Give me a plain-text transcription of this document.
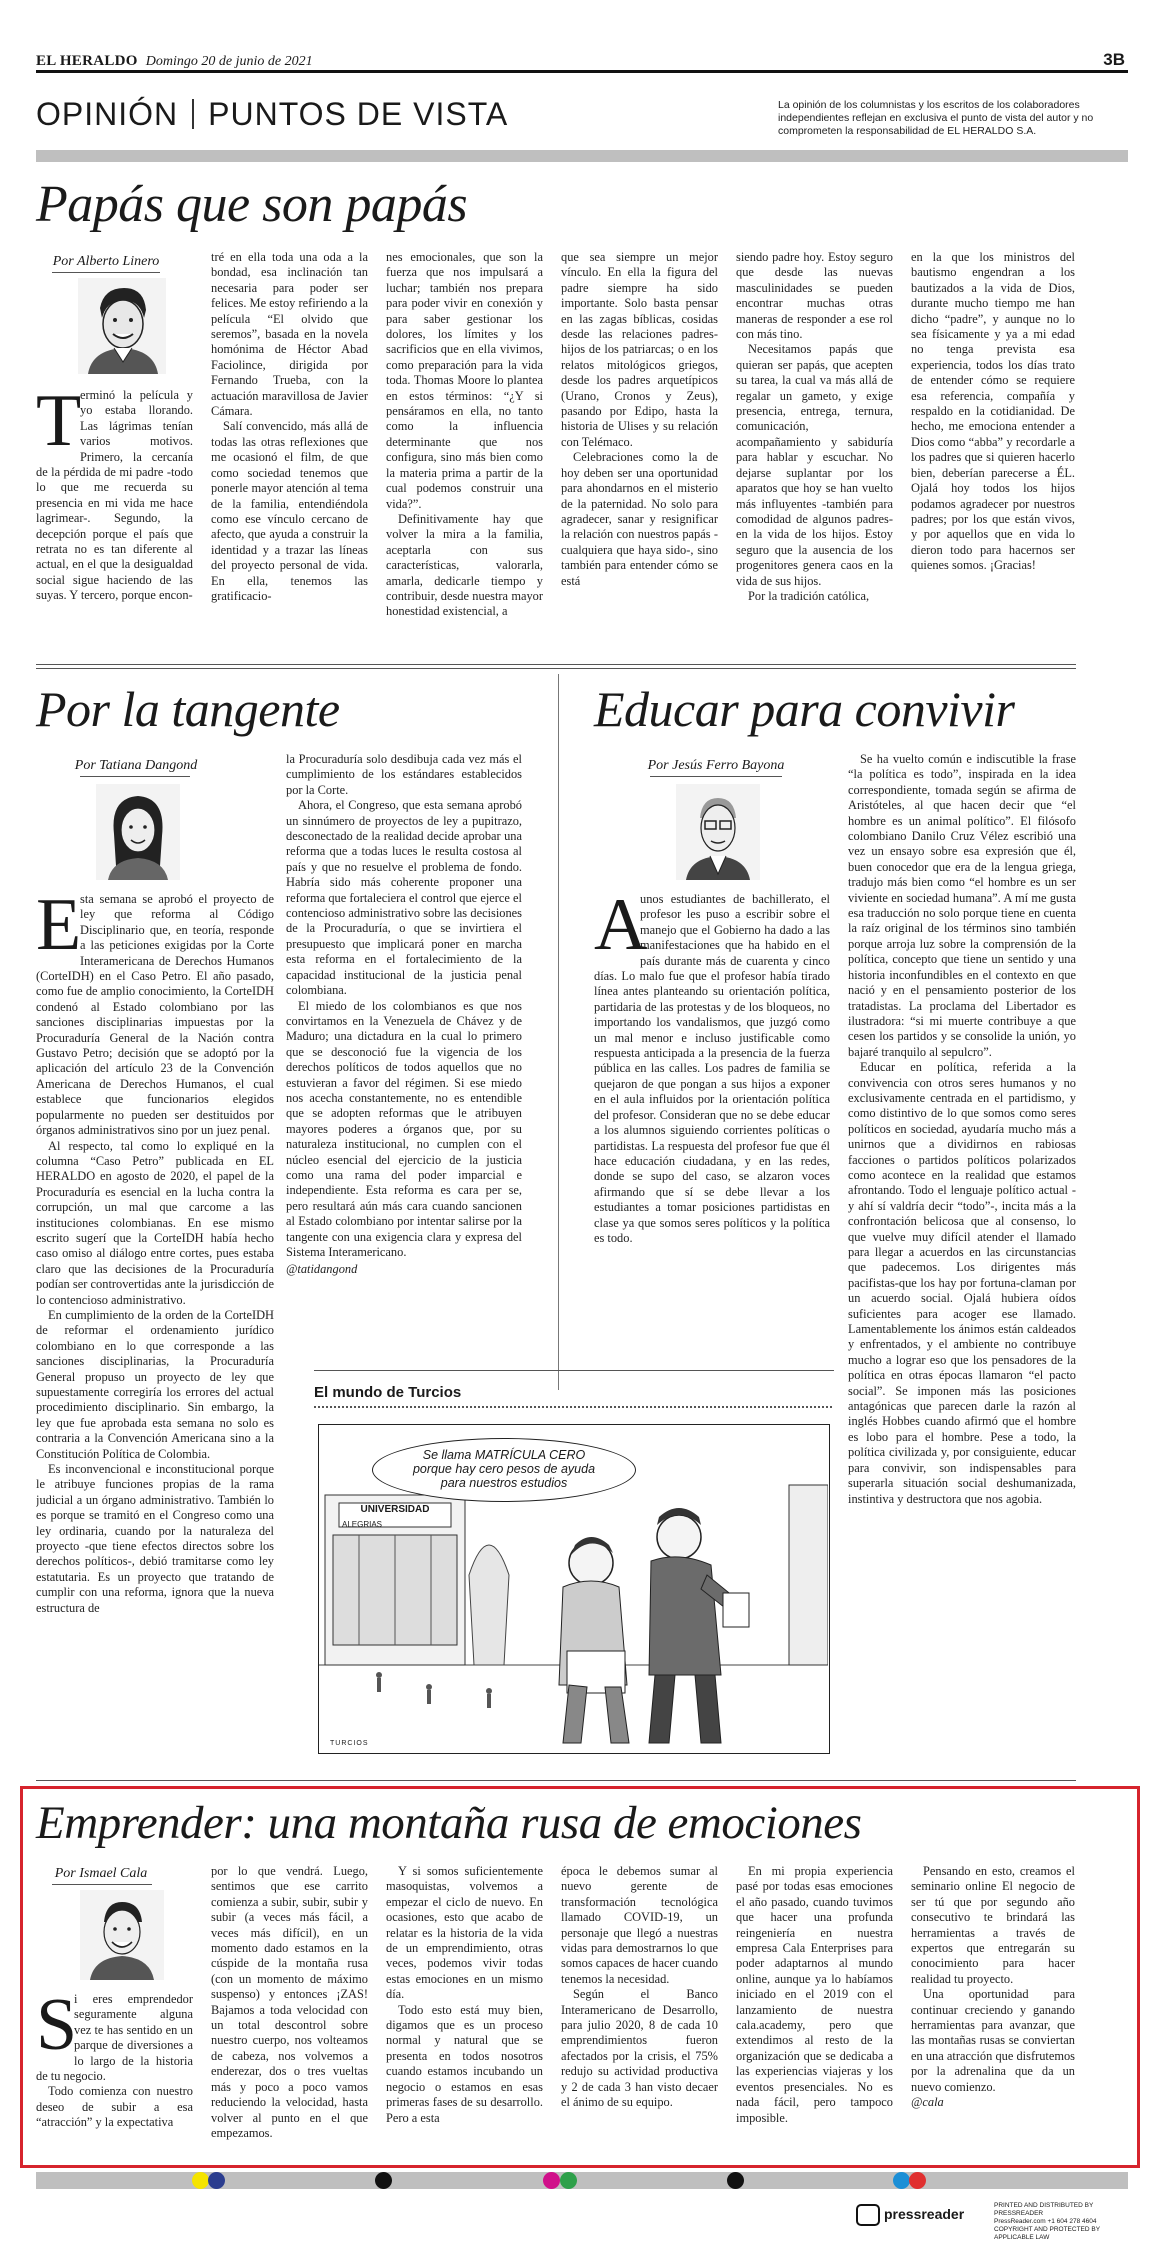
EL HERALDO Domingo 20 de junio de 2021	3B
OPINIÓN PUNTOS DE VISTA	La opinión de los columnistas y los escritos de los colaboradores independientes reflejan en exclusiva el punto de vista del autor y no comprometen la responsabilidad de EL HERALDO S.A.
Papás que son papás
Por Alberto Linero
T

erminó la película y yo estaba llorando. Las lágrimas tenían varios motivos. Primero, la cercanía de la pérdida de mi padre -todo lo que me recuerda su presencia en mi vida me hace lagrimear-. Segundo, la decepción porque el país que retrata no es tan diferente al actual, en el que la desigualdad social sigue haciendo de las suyas. Y tercero, porque encon-

tré en ella toda una oda a la bondad, esa inclinación tan necesaria para poder ser felices. Me estoy refiriendo a la película “El olvido que seremos”, basada en la novela homónima de Héctor Abad Faciolince, dirigida por Fernando Trueba, con la actuación maravillosa de Javier Cámara.

Salí convencido, más allá de todas las otras reflexiones que me ocasionó el film, de que como sociedad tenemos que ponerle mayor atención al tema de la familia, entendiéndola como ese vínculo cercano de afecto, que ayuda a construir la identidad y a trazar las líneas del proyecto personal de vida. En ella, tenemos las gratificacio-

nes emocionales, que son la fuerza que nos impulsará a luchar; también nos prepara para poder vivir en conexión y para saber gestionar los dolores, los límites y los sacrificios que en ella vivimos, como preparación para la vida toda. Thomas Moore lo plantea en estos términos: “¿Y si pensáramos en ella, no tanto como la influencia determinante que nos configura, sino más bien como la materia prima a partir de la cual podemos construir una vida?”.

Definitivamente hay que volver la mira a la familia, aceptarla con sus características, valorarla, amarla, dedicarle tiempo y contribuir, desde nuestra mayor honestidad existencial, a

que sea siempre un mejor vínculo. En ella la figura del padre siempre ha sido importante. Solo basta pensar en las zagas bíblicas, cosidas desde las relaciones padres-hijos de los patriarcas; o en los relatos mitológicos griegos, desde los padres arquetípicos (Urano, Cronos y Zeus), pasando por Edipo, hasta la historia de Ulises y su relación con Telémaco.

Celebraciones como la de hoy deben ser una oportunidad para ahondarnos en el misterio de la paternidad. No solo para agradecer, sanar y resignificar la relación con nuestros papás -cualquiera que haya sido-, sino también para entender cómo se está

siendo padre hoy. Estoy seguro que desde las nuevas masculinidades se pueden encontrar muchas otras maneras de responder a ese rol con más tino.

Necesitamos papás que quieran ser papás, que acepten su tarea, la cual va más allá de regalar un gameto, y exige presencia, entrega, ternura, comunicación, acompañamiento y sabiduría para hablar y escuchar. No dejarse suplantar por los aparatos que hoy se han vuelto más influyentes -también para comodidad de algunos padres- en la vida de los hijos. Estoy seguro que la ausencia de los progenitores genera caos en la vida de sus hijos.

Por la tradición católica,

en la que los ministros del bautismo engendran a los bautizados a la vida de Dios, durante mucho tiempo me han dicho “padre”, y aunque no lo sea físicamente y ya a mi edad no tenga prevista esa experiencia, todos los días trato de entender cómo se requiere esa referencia, compañía y respaldo en la cotidianidad. De hecho, me emociona entender a Dios como “abba” y recordarle a los padres que si quieren hacerlo bien, deberían parecerse a ÉL. Ojalá hoy todos los hijos podamos agradecer por nuestros padres; por los que están vivos, y por aquellos que en vida lo dieron todo para hacernos ser quienes somos. ¡Gracias!

Por la tangente
Por Tatiana Dangond
E

sta semana se aprobó el proyecto de ley que reforma al Código Disciplinario que, en teoría, responde a las peticiones exigidas por la Corte Interamericana de Derechos Humanos (CorteIDH) en el Caso Petro. El año pasado, como fue de amplio conocimiento, la CorteIDH condenó al Estado colombiano por las sanciones disciplinarias impuestas por la Procuraduría General de la Nación contra Gustavo Petro; decisión que se adoptó por la aplicación del artículo 23 de la Convención Americana de Derechos Humanos, el cual establece que funcionarios elegidos popularmente no pueden ser destituidos por órganos administrativos sino por un juez penal.

Al respecto, tal como lo expliqué en la columna “Caso Petro” publicada en EL HERALDO en agosto de 2020, el papel de la Procuraduría es esencial en la lucha contra la corrupción, un mal que carcome a las instituciones colombianas. En ese mismo escrito sugerí que la CorteIDH había hecho caso omiso al diálogo entre cortes, pues estaba claro que las decisiones de la Procuraduría podían ser controvertidas ante la jurisdicción de lo contencioso administrativo.

En cumplimiento de la orden de la CorteIDH de reformar el ordenamiento jurídico colombiano en lo que corresponde a las sanciones disciplinarias, la Procuraduría General propuso un proyecto de ley que supuestamente corregiría los errores del actual procedimiento disciplinario. Sin embargo, la ley que fue aprobada esta semana no solo es contraria a la Convención Americana sino a la Constitución Política de Colombia.

Es inconvencional e inconstitucional porque le atribuye funciones propias de la rama judicial a un órgano administrativo. También lo es porque se tramitó en el Congreso como una ley ordinaria, cuando por la naturaleza del proyecto -que tiene efectos directos sobre los derechos políticos-, debió tramitarse como ley estatutaria. Es un proyecto que tratando de cumplir con una reforma, ignora que la nueva estructura de

la Procuraduría solo desdibuja cada vez más el cumplimiento de los estándares establecidos por la Corte.

Ahora, el Congreso, que esta semana aprobó un sinnúmero de proyectos de ley a pupitrazo, desconectado de la realidad decide aprobar una reforma que a todas luces le resulta costosa al país y que no resuelve el problema de fondo. Habría sido más coherente proponer una reforma que fortaleciera el control que ejerce el contencioso administrativo sobre las decisiones de la Procuraduría, o que se invirtiera el presupuesto que implicará poner en marcha esta reforma en el fortalecimiento de la capacidad institucional de la justicia penal colombiana.

El miedo de los colombianos es que nos convirtamos en la Venezuela de Chávez y de Maduro; una dictadura en la cual lo primero que se desconoció fue la vigencia de los derechos políticos de todos aquellos que no estuvieran a favor del régimen. Si ese miedo nos acecha constantemente, no es entendible que se adopten reformas que le atribuyen mayores poderes a órganos que, por su naturaleza institucional, no cumplen con el núcleo esencial del ejercicio de la justicia como una rama del poder imparcial e independiente. Esta reforma es cara per se, pero resultará aún más cara cuando sancionen al Estado colombiano por intentar salirse por la tangente con una exigencia clara y expresa del Sistema Interamericano.

@tatidangond

Educar para convivir
Por Jesús Ferro Bayona
A

unos estudiantes de bachillerato, el profesor les puso a escribir sobre el manejo que el Gobierno ha dado a las manifestaciones que ha habido en el país durante más de cuarenta y cinco días. Lo malo fue que el profesor había tirado línea antes planteando su orientación política, partidaria de las protestas y de los bloqueos, no importando los vandalismos, que juzgó como un mal menor e incluso justificable como respuesta anticipada a la presencia de la fuerza pública en las calles. Los padres de familia se quejaron de que pongan a sus hijos a exponer en el aula influidos por la orientación política del profesor. Consideran que no se debe educar a los alumnos siguiendo corrientes políticas o partidistas. La respuesta del profesor fue que él hace educación ciudadana, y en las redes, donde se supo del caso, se alzaron voces afirmando que sí se debe llevar a los estudiantes a tomar posiciones partidistas en clase ya que somos seres políticos y la política es todo.

Se ha vuelto común e indiscutible la frase “la política es todo”, inspirada en la idea correspondiente, tomada según se afirma de Aristóteles, al que hacen decir que “el hombre es un animal político”. El filósofo colombiano Danilo Cruz Vélez escribió una vez un ensayo sobre esa expresión que él, buen conocedor que era de la lengua griega, tradujo más bien como “el hombre es un ser viviente en sociedad humana”. A mí me gusta esa traducción no solo porque tiene en cuenta la raíz original de los términos sino también porque arroja luz sobre la comprensión de la política, concepto que tiene un sentido y una historia inconfundibles en el contexto en que nació y en el pensamiento posterior de los tratadistas. La proclama del Libertador es ilustradora: “si mi muerte contribuye a que cesen los partidos y se consolide la unión, yo bajaré tranquilo al sepulcro”.

Educar en política, referida a la convivencia con otros seres humanos y no exclusivamente centrada en el partidismo, y como distintivo de lo que somos como seres políticos en sociedad, ayudaría mucho más a unirnos que a dividirnos en rabiosas facciones o partidos políticos polarizados como acontece en la realidad que estamos afrontando. Todo el lenguaje político actual -y ahí sí valdría decir “todo”-, incita más a la confrontación belicosa que al consenso, lo que vuelve muy difícil atender el llamado para llegar a acuerdos en las circunstancias que padecemos. Los dirigentes más pacifistas-que los hay por fortuna-claman por un acuerdo social. Ojalá hubiera oídos suficientes para acoger ese llamado. Lamentablemente los ánimos están caldeados y enfrentados, y el ambiente no contribuye mucho a lograr eso que los pensadores de la política en otras épocas llamaron “el pacto social”. Se imponen más las posiciones antagónicas que parecen darle la razón al inglés Hobbes cuando afirmó que el hombre es lobo para el hombre. Pese a todo, la política civilizada y, por consiguiente, educar para convivir, son indispensables para superarla situación social deshumanizada, instintiva y destructora que nos agobia.

El mundo de Turcios
Se llama MATRÍCULA CERO
porque hay cero pesos de ayuda
para nuestros estudios
UNIVERSIDAD
ALEGRIAS
TURCIOS
Emprender: una montaña rusa de emociones
Por Ismael Cala
S

i eres emprendedor seguramente alguna vez te has sentido en un parque de diversiones a lo largo de la historia de tu negocio.

Todo comienza con nuestro deseo de subir a esa “atracción” y la expectativa

por lo que vendrá. Luego, sentimos que ese carrito comienza a subir, subir, subir y subir (a veces más fácil, a veces más difícil), en un momento dado estamos en la cúspide de la montaña rusa (con un momento de máximo suspenso) y entonces ¡ZAS! Bajamos a toda velocidad con un total descontrol sobre nuestro cuerpo, nos volteamos de cabeza, nos volvemos a enderezar, dos o tres vueltas más y poco a poco vamos reduciendo la velocidad, hasta volver al punto en el que empezamos.

Y si somos suficientemente masoquistas, volvemos a empezar el ciclo de nuevo. En ocasiones, esto que acabo de relatar es la historia de la vida de un emprendimiento, otras veces, podemos vivir todas estas emociones en un mismo día.

Todo esto está muy bien, digamos que es un proceso normal y natural que se presenta en todos nosotros cuando estamos incubando un negocio o estamos en esas primeras fases de su desarrollo. Pero a esta

época le debemos sumar al nuevo gerente de transformación tecnológica llamado COVID-19, un personaje que llegó a nuestras vidas para demostrarnos lo que somos capaces de hacer cuando tenemos la necesidad.

Según el Banco Interamericano de Desarrollo, para julio 2020, 8 de cada 10 emprendimientos fueron afectados por la crisis, el 75% redujo su actividad productiva y 2 de cada 3 han visto decaer el ánimo de su equipo.

En mi propia experiencia pasé por todas esas emociones el año pasado, cuando tuvimos que hacer una profunda reingeniería en nuestra empresa Cala Enterprises para poder adaptarnos al mundo online, aunque ya lo habíamos iniciado en el 2019 con el lanzamiento de nuestra cala.academy, pero que extendimos al resto de la organización que se dedicaba a las experiencias viajeras y los eventos presenciales. No es nada fácil, pero tampoco imposible.

Pensando en esto, creamos el seminario online El negocio de ser tú que por segundo año consecutivo te brindará las herramientas a través de expertos que entregarán su conocimiento para hacer realidad tu proyecto.

Una oportunidad para continuar creciendo y ganando herramientas para avanzar, que las montañas rusas se conviertan en una atracción que disfrutemos por la adrenalina que da un nuevo comienzo.

@cala

pressreader
PRINTED AND DISTRIBUTED BY PRESSREADER
PressReader.com +1 604 278 4604
COPYRIGHT AND PROTECTED BY APPLICABLE LAW
